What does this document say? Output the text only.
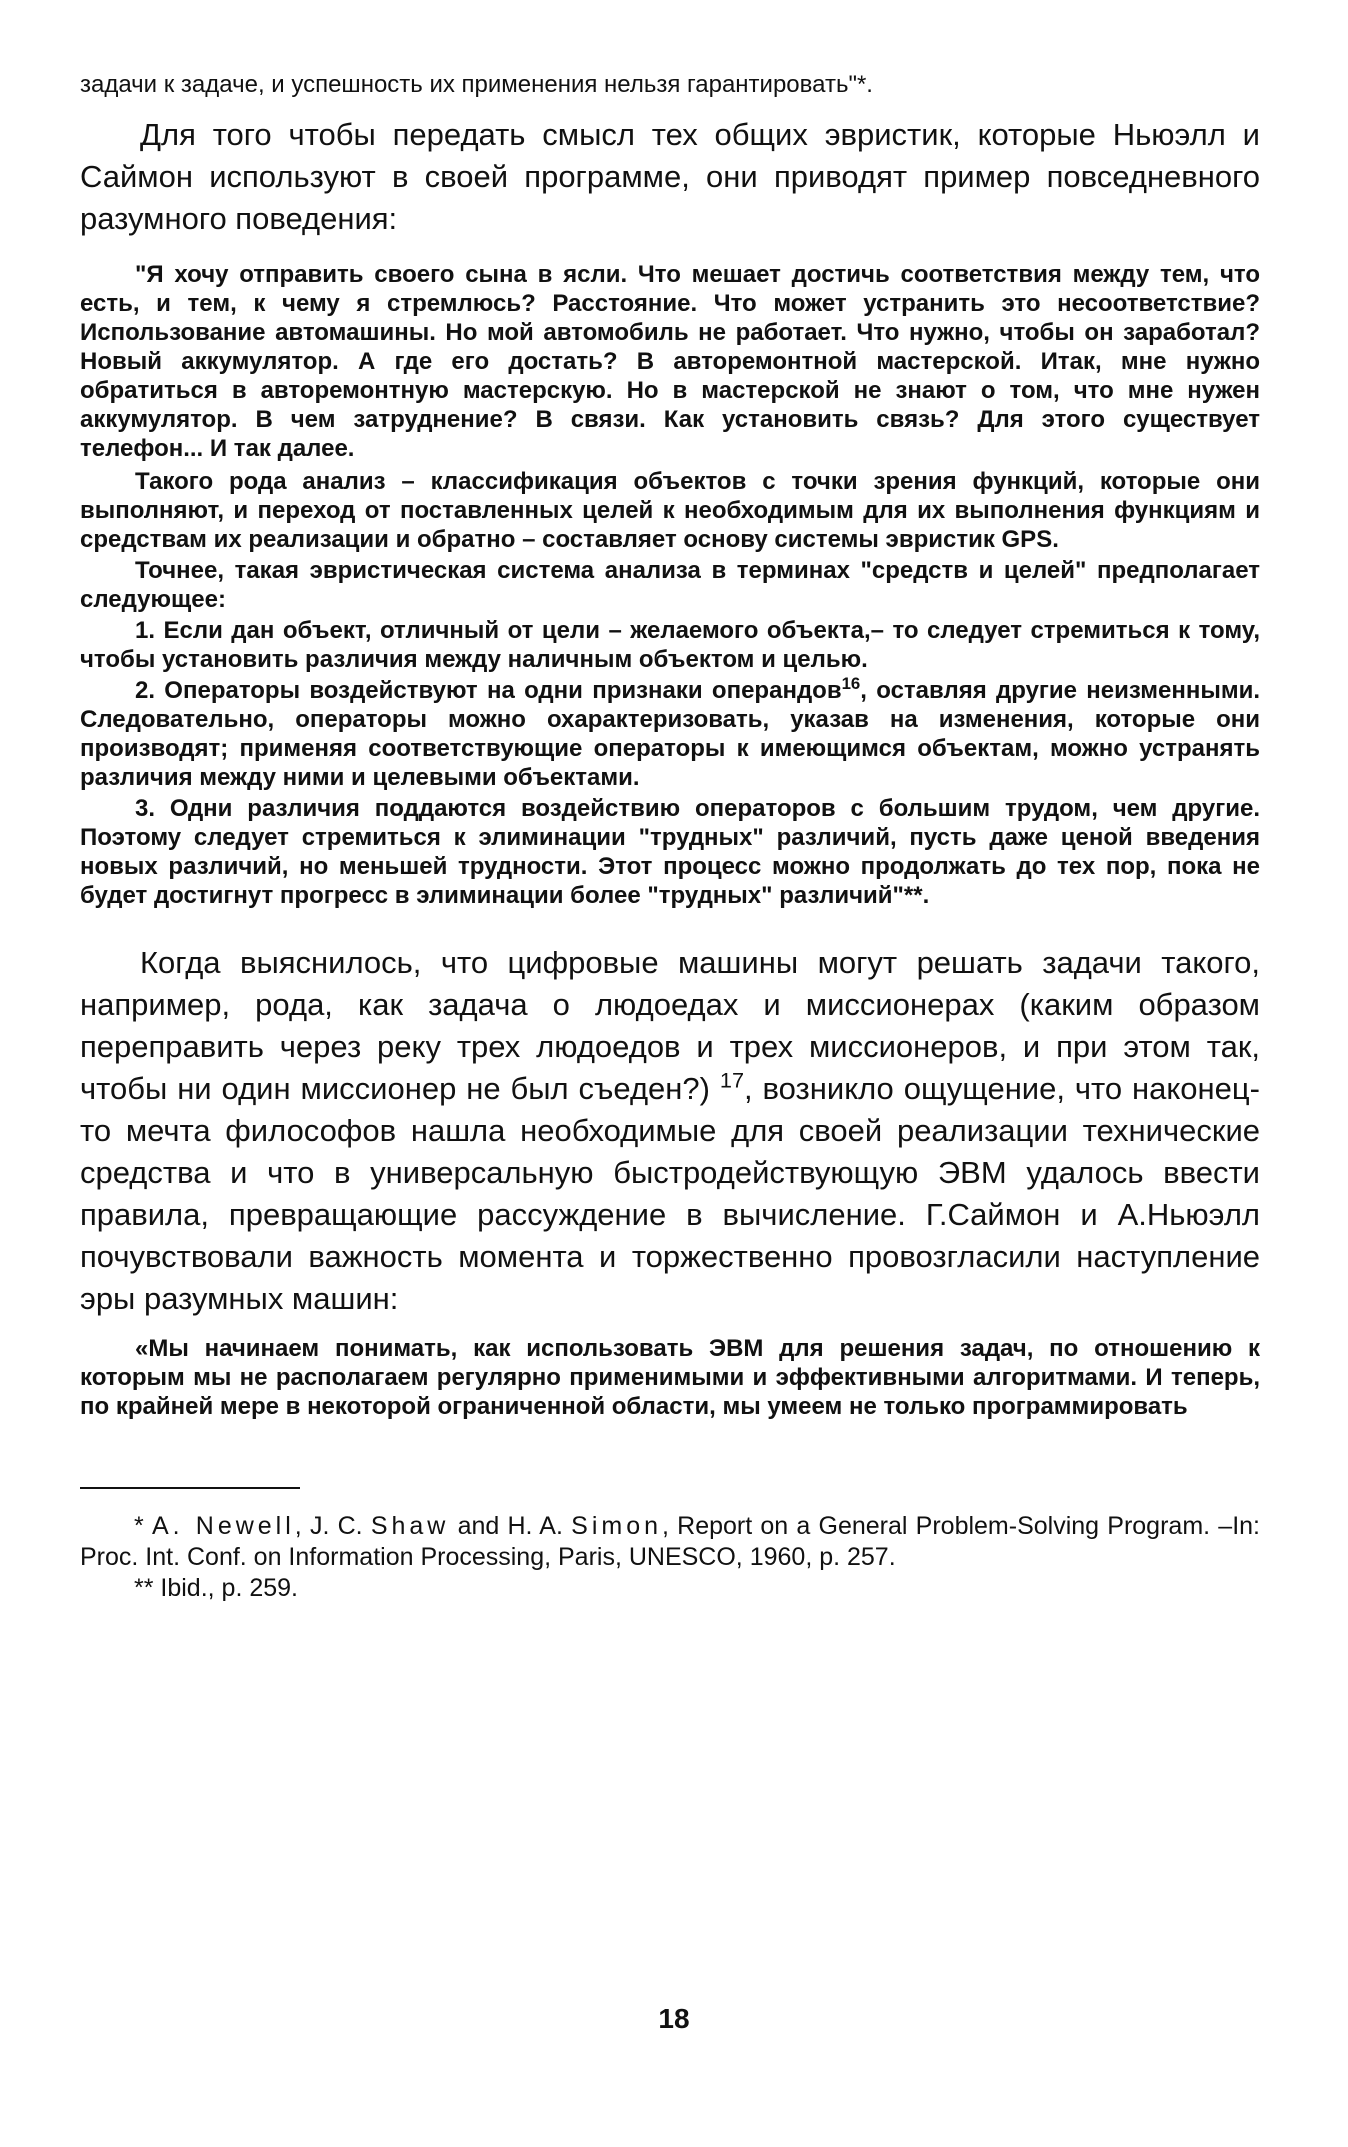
задачи к задаче, и успешность их применения нельзя гарантировать"*.

Для того чтобы передать смысл тех общих эвристик, которые Ньюэлл и Саймон используют в своей программе, они приводят пример повседневного разумного поведения:

"Я хочу отправить своего сына в ясли. Что мешает достичь соответствия между тем, что есть, и тем, к чему я стремлюсь? Расстояние. Что может устранить это несоответствие? Использование автомашины. Но мой автомобиль не работает. Что нужно, чтобы он заработал? Новый аккумулятор. А где его достать? В авторемонтной мастерской. Итак, мне нужно обратиться в авторемонтную мастерскую. Но в мастерской не знают о том, что мне нужен аккумулятор. В чем затруднение? В связи. Как установить связь? Для этого существует телефон... И так далее.

Такого рода анализ – классификация объектов с точки зрения функций, которые они выполняют, и переход от поставленных целей к необходимым для их выполнения функциям и средствам их реализации и обратно – составляет основу системы эвристик GPS.

Точнее, такая эвристическая система анализа в терминах "средств и целей" предполагает следующее:

1. Если дан объект, отличный от цели – желаемого объекта,– то следует стремиться к тому, чтобы установить различия между наличным объектом и целью.

2. Операторы воздействуют на одни признаки операндов$^{16}$, оставляя другие неизменными. Следовательно, операторы можно охарактеризовать, указав на изменения, которые они производят; применяя соответствующие операторы к имеющимся объектам, можно устранять различия между ними и целевыми объектами.

3. Одни различия поддаются воздействию операторов с большим трудом, чем другие. Поэтому следует стремиться к элиминации "трудных" различий, пусть даже ценой введения новых различий, но меньшей трудности. Этот процесс можно продолжать до тех пор, пока не будет достигнут прогресс в элиминации более "трудных" различий"**.

Когда выяснилось, что цифровые машины могут решать задачи такого, например, рода, как задача о людоедах и миссионерах (каким образом переправить через реку трех людоедов и трех миссионеров, и при этом так, чтобы ни один миссионер не был съеден?) $^{17}$, возникло ощущение, что наконец-то мечта философов нашла необходимые для своей реализации технические средства и что в универсальную быстродействующую ЭВМ удалось ввести правила, превращающие рассуждение в вычисление. Г.Саймон и А.Ньюэлл почувствовали важность момента и торжественно провозгласили наступление эры разумных машин:

«Мы начинаем понимать, как использовать ЭВМ для решения задач, по отношению к которым мы не располагаем регулярно применимыми и эффективными алгоритмами. И теперь, по крайней мере в некоторой ограниченной области, мы умеем не только программировать

* A. Newell, J. C. Shaw and H. A. Simon, Report on a General Problem-Solving Program. –In: Proc. Int. Conf. on Information Processing, Paris, UNESCO, 1960, p. 257.

** Ibid., p. 259.

18
